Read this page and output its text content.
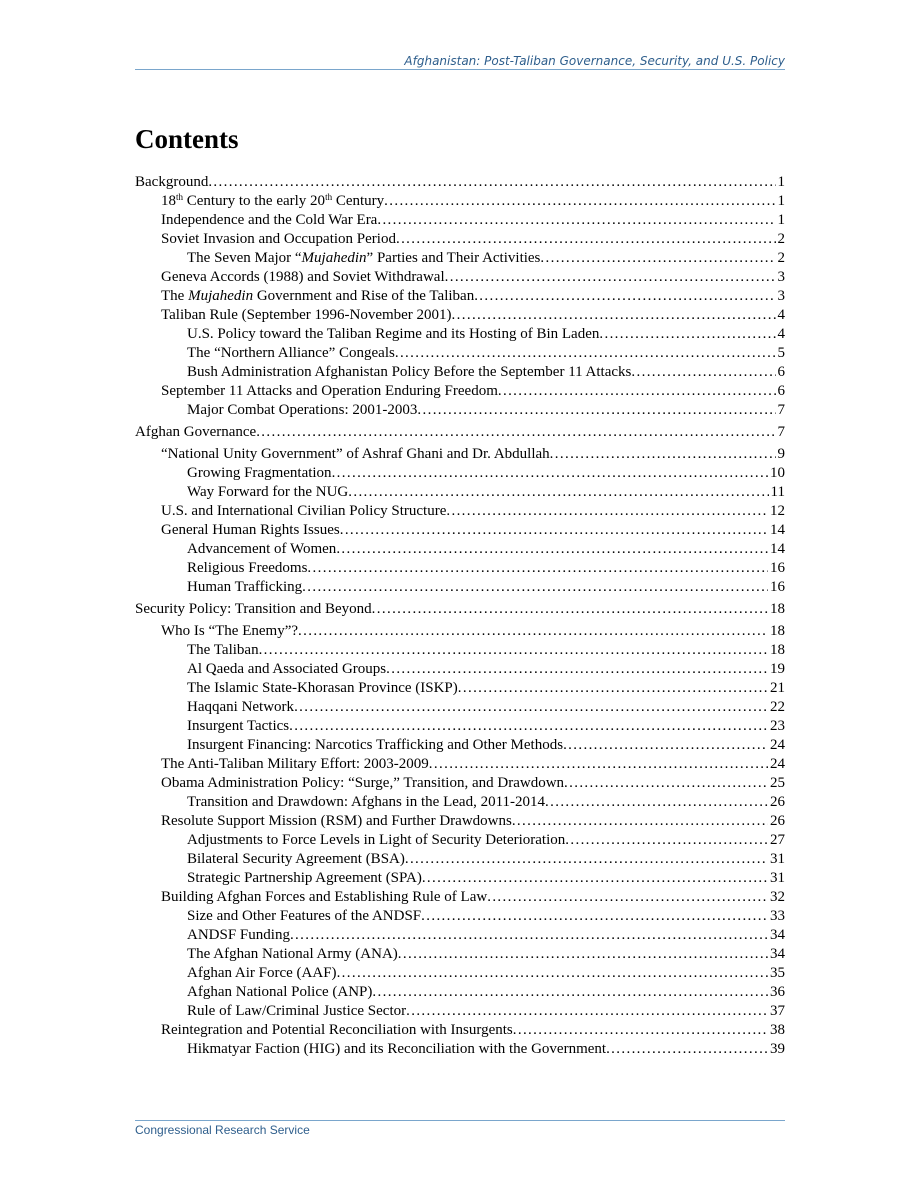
Afghanistan: Post-Taliban Governance, Security, and U.S. Policy
Contents
Background . . .	1
18th Century to the early 20th Century . . .	1
Independence and the Cold War Era . . .	1
Soviet Invasion and Occupation Period . . .	2
The Seven Major “Mujahedin” Parties and Their Activities . . .	2
Geneva Accords (1988) and Soviet Withdrawal . . .	3
The Mujahedin Government and Rise of the Taliban . . .	3
Taliban Rule (September 1996-November 2001) . . .	4
U.S. Policy toward the Taliban Regime and its Hosting of Bin Laden . . .	4
The “Northern Alliance” Congeals . . .	5
Bush Administration Afghanistan Policy Before the September 11 Attacks . . .	6
September 11 Attacks and Operation Enduring Freedom . . .	6
Major Combat Operations: 2001-2003 . . .	7
Afghan Governance . . .	7
“National Unity Government” of Ashraf Ghani and Dr. Abdullah . . .	9
Growing Fragmentation . . .	10
Way Forward for the NUG . . .	11
U.S. and International Civilian Policy Structure . . .	12
General Human Rights Issues . . .	14
Advancement of Women . . .	14
Religious Freedoms . . .	16
Human Trafficking . . .	16
Security Policy: Transition and Beyond . . .	18
Who Is “The Enemy”? . . .	18
The Taliban . . .	18
Al Qaeda and Associated Groups . . .	19
The Islamic State-Khorasan Province (ISKP) . . .	21
Haqqani Network . . .	22
Insurgent Tactics . . .	23
Insurgent Financing: Narcotics Trafficking and Other Methods . . .	24
The Anti-Taliban Military Effort: 2003-2009 . . .	24
Obama Administration Policy: “Surge,” Transition, and Drawdown . . .	25
Transition and Drawdown: Afghans in the Lead, 2011-2014 . . .	26
Resolute Support Mission (RSM) and Further Drawdowns . . .	26
Adjustments to Force Levels in Light of Security Deterioration . . .	27
Bilateral Security Agreement (BSA) . . .	31
Strategic Partnership Agreement (SPA) . . .	31
Building Afghan Forces and Establishing Rule of Law . . .	32
Size and Other Features of the ANDSF . . .	33
ANDSF Funding . . .	34
The Afghan National Army (ANA) . . .	34
Afghan Air Force (AAF) . . .	35
Afghan National Police (ANP) . . .	36
Rule of Law/Criminal Justice Sector . . .	37
Reintegration and Potential Reconciliation with Insurgents . . .	38
Hikmatyar Faction (HIG) and its Reconciliation with the Government . . .	39
Congressional Research Service
